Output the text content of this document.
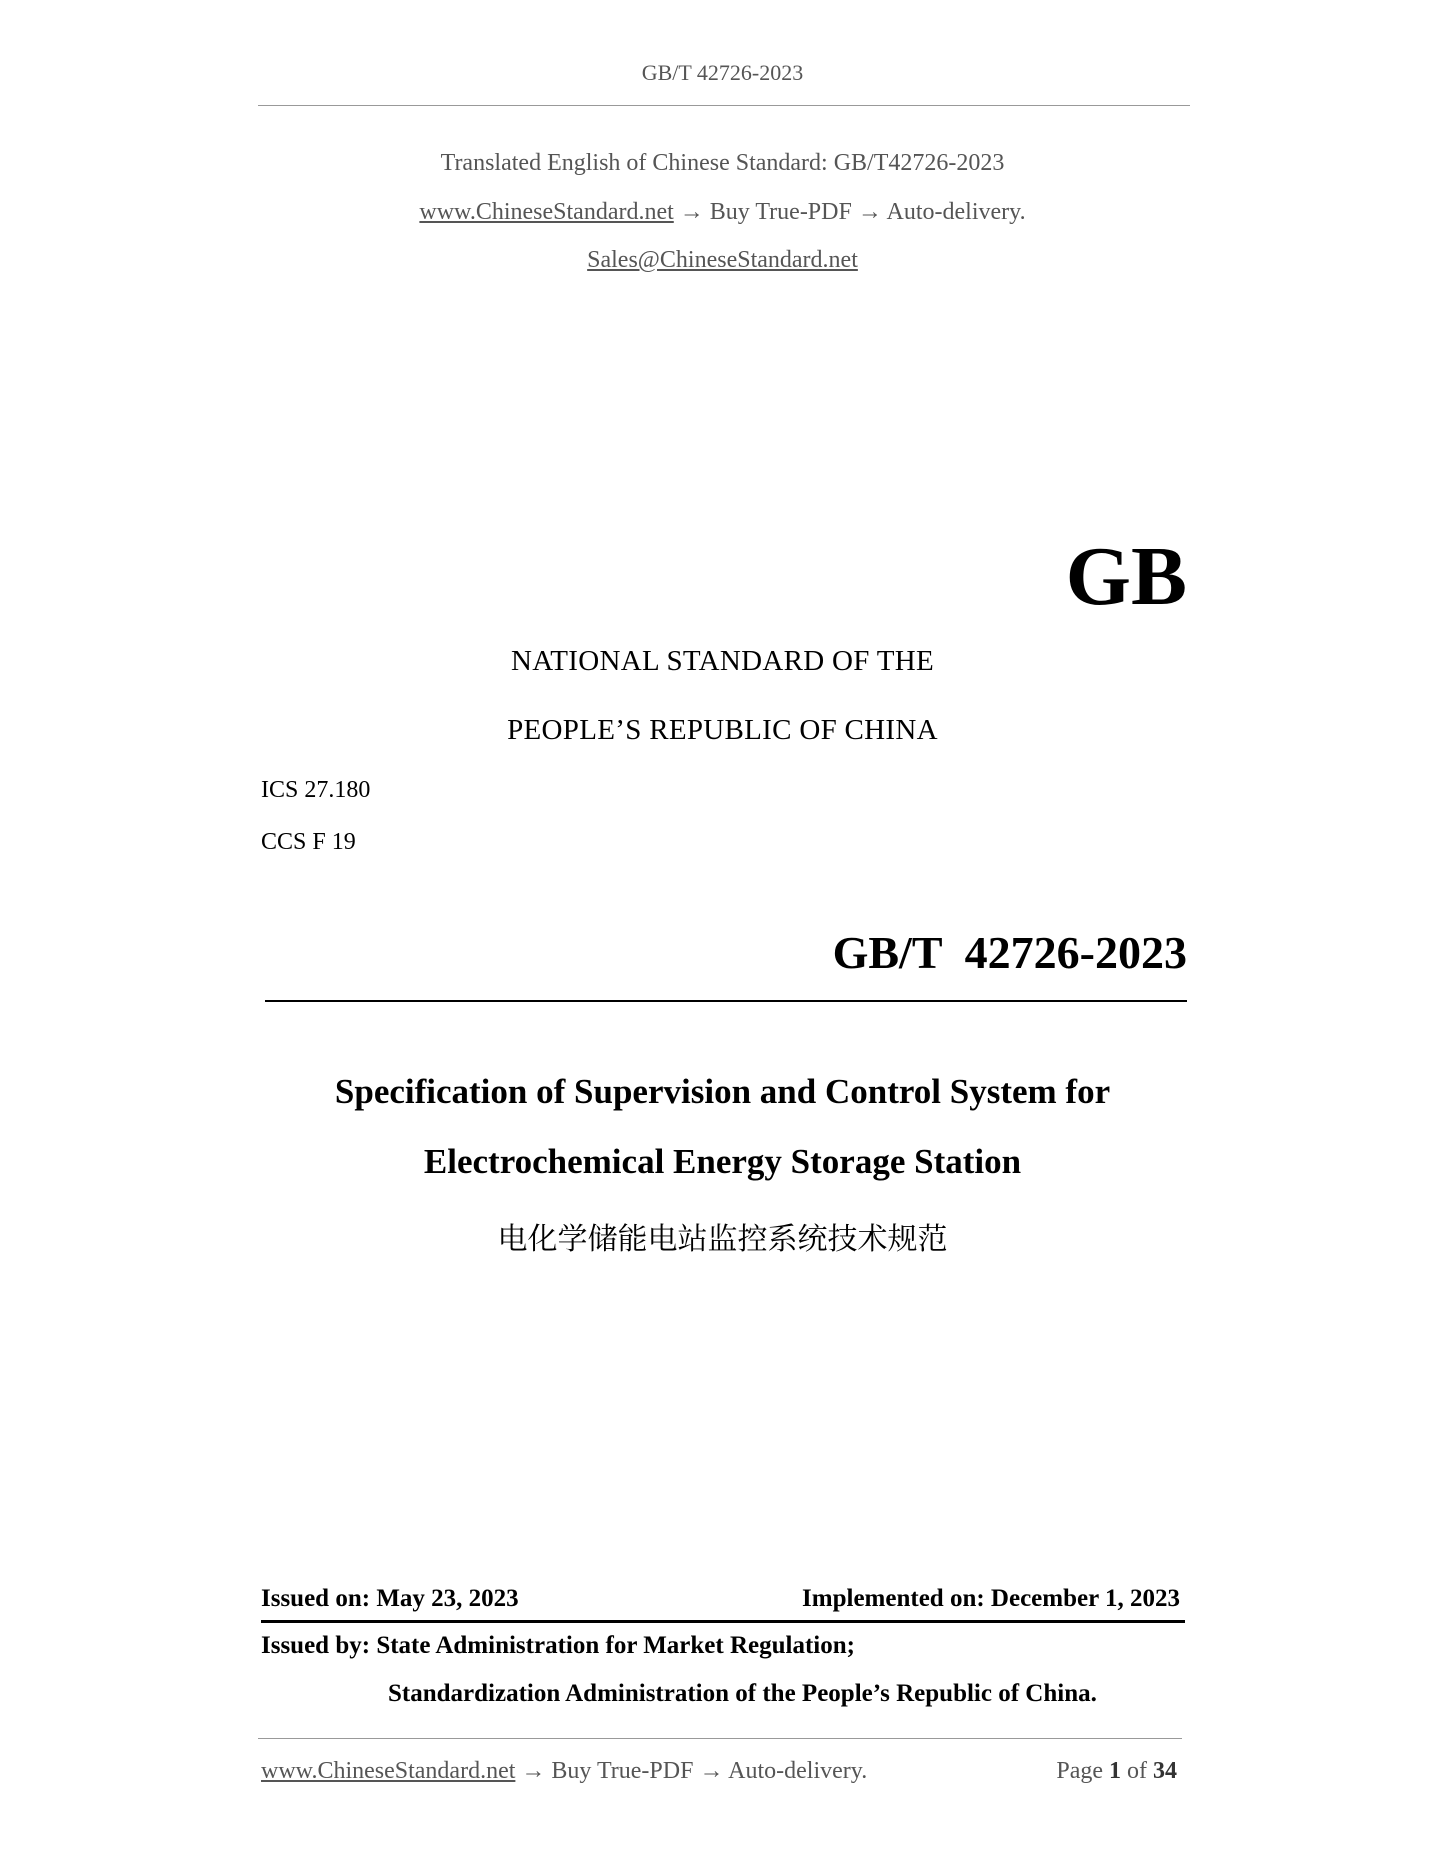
GB/T 42726-2023
Translated English of Chinese Standard: GB/T42726-2023
www.ChineseStandard.net → Buy True-PDF → Auto-delivery.
Sales@ChineseStandard.net
GB
NATIONAL STANDARD OF THE
PEOPLE’S REPUBLIC OF CHINA
ICS 27.180
CCS F 19
GB/T  42726-2023
Specification of Supervision and Control System for
Electrochemical Energy Storage Station
电化学储能电站监控系统技术规范
Issued on: May 23, 2023	Implemented on: December 1, 2023
Issued by: State Administration for Market Regulation;
Standardization Administration of the People’s Republic of China.
www.ChineseStandard.net → Buy True-PDF → Auto-delivery.	Page 1 of 34
